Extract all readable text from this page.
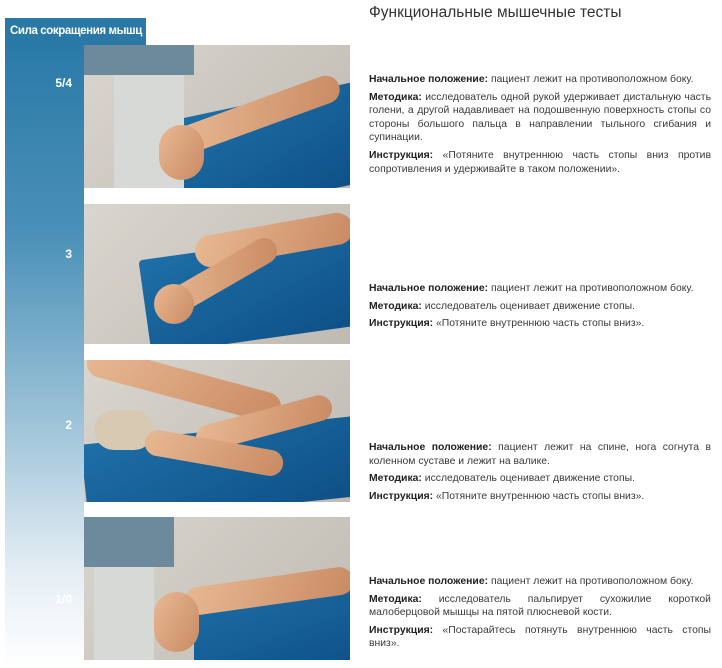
Сила сокращения мышц
5/4
3
2
1/0
Функциональные мышечные тесты

Начальное положение: пациент лежит на противоположном боку.

Методика: исследователь одной рукой удерживает дистальную часть голени, а другой надавливает на подошвенную поверхность стопы со стороны большого пальца в направлении тыльного сгибания и супинации.

Инструкция: «Потяните внутреннюю часть стопы вниз против сопротивления и удерживайте в таком положении».

Начальное положение: пациент лежит на противоположном боку.

Методика: исследователь оценивает движение стопы.

Инструкция: «Потяните внутреннюю часть стопы вниз».

Начальное положение: пациент лежит на спине, нога согнута в коленном суставе и лежит на валике.

Методика: исследователь оценивает движение стопы.

Инструкция: «Потяните внутреннюю часть стопы вниз».

Начальное положение: пациент лежит на противоположном боку.

Методика: исследователь пальпирует сухожилие короткой малоберцовой мышцы на пятой плюсневой кости.

Инструкция: «Постарайтесь потянуть внутреннюю часть стопы вниз».
